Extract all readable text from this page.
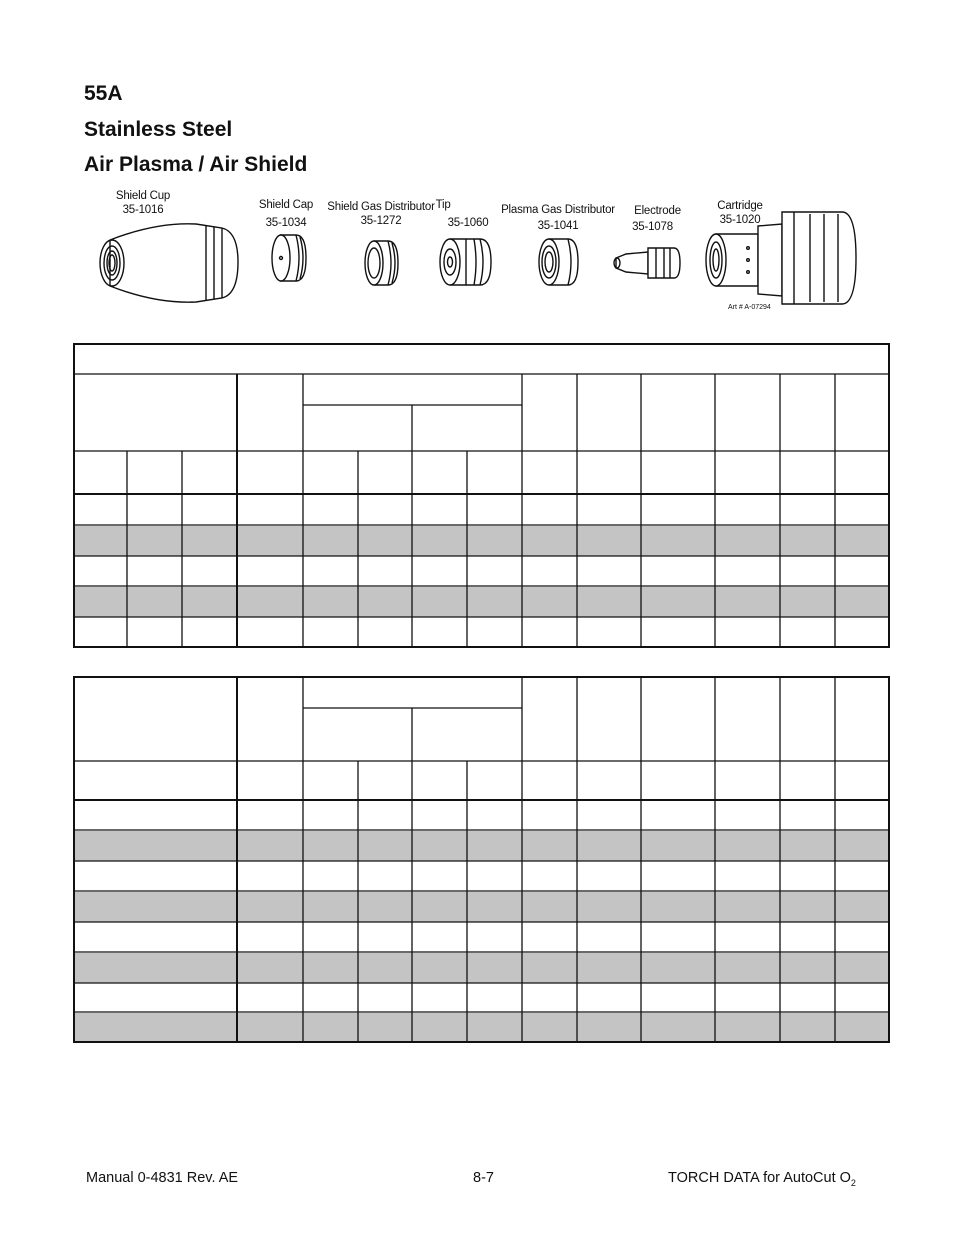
55A
Stainless Steel
Air Plasma / Air Shield
Shield Cup
35-1016	Shield Cap
35-1034
Shield Gas Distributor
35-1272
Tip
35-1060
Plasma Gas Distributor
35-1041
Electrode
35-1078
Cartridge
35-1020
Art # A-07294
Manual 0-4831 Rev. AE	8-7	TORCH DATA for AutoCut $O_2$
